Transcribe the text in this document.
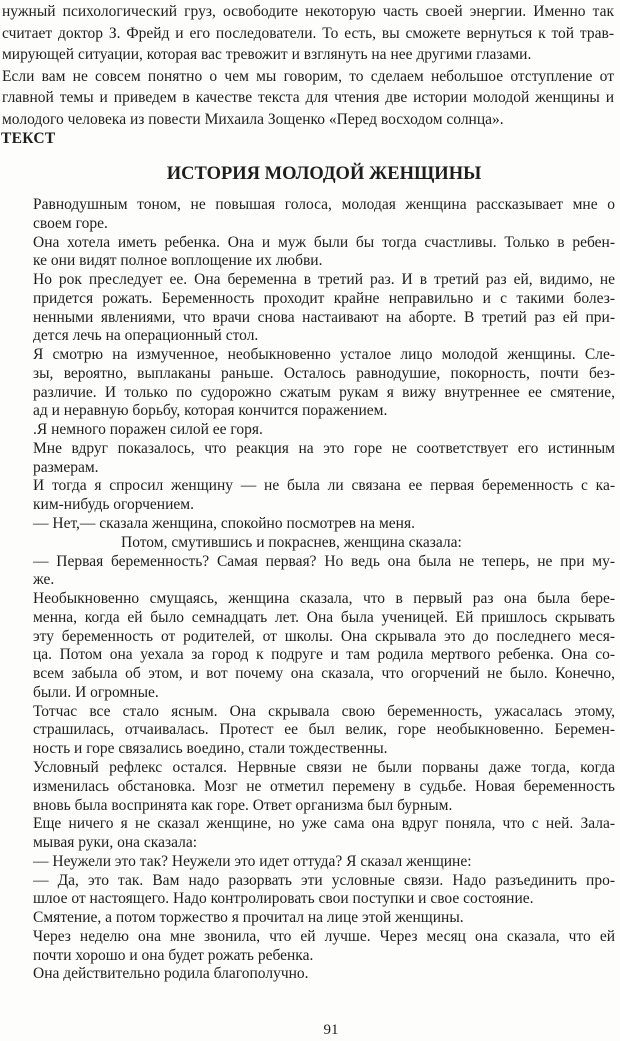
нужный психологический груз, освободите некоторую часть своей энергии. Именно так
считает доктор З. Фрейд и его последователи. То есть, вы сможете вернуться к той трав-
мирующей ситуации, которая вас тревожит и взглянуть на нее другими глазами.
Если вам не совсем понятно о чем мы говорим, то сделаем небольшое отступление от
главной темы и приведем в качестве текста для чтения две истории молодой женщины и
молодого человека из повести Михаила Зощенко «Перед восходом солнца».
ТЕКСТ
ИСТОРИЯ МОЛОДОЙ ЖЕНЩИНЫ
Равнодушным тоном, не повышая голоса, молодая женщина рассказывает мне о
своем горе.
Она хотела иметь ребенка. Она и муж были бы тогда счастливы. Только в ребен-
ке они видят полное воплощение их любви.
Но рок преследует ее. Она беременна в третий раз. И в третий раз ей, видимо, не
придется рожать. Беременность проходит крайне неправильно и с такими болез-
ненными явлениями, что врачи снова настаивают на аборте. В третий раз ей при-
дется лечь на операционный стол.
Я смотрю на измученное, необыкновенно усталое лицо молодой женщины. Сле-
зы, вероятно, выплаканы раньше. Осталось равнодушие, покорность, почти без-
различие. И только по судорожно сжатым рукам я вижу внутреннее ее смятение,
ад и неравную борьбу, которая кончится поражением.
.Я немного поражен силой ее горя.
Мне вдруг показалось, что реакция на это горе не соответствует его истинным
размерам.
И тогда я спросил женщину — не была ли связана ее первая беременность с ка-
ким-нибудь огорчением.
— Нет,— сказала женщина, спокойно посмотрев на меня.
Потом, смутившись и покраснев, женщина сказала:
— Первая беременность? Самая первая? Но ведь она была не теперь, не при му-
же.
Необыкновенно смущаясь, женщина сказала, что в первый раз она была бере-
менна, когда ей было семнадцать лет. Она была ученицей. Ей пришлось скрывать
эту беременность от родителей, от школы. Она скрывала это до последнего меся-
ца. Потом она уехала за город к подруге и там родила мертвого ребенка. Она со-
всем забыла об этом, и вот почему она сказала, что огорчений не было. Конечно,
были. И огромные.
Тотчас все стало ясным. Она скрывала свою беременность, ужасалась этому,
страшилась, отчаивалась. Протест ее был велик, горе необыкновенно. Беремен-
ность и горе связались воедино, стали тождественны.
Условный рефлекс остался. Нервные связи не были порваны даже тогда, когда
изменилась обстановка. Мозг не отметил перемену в судьбе. Новая беременность
вновь была воспринята как горе. Ответ организма был бурным.
Еще ничего я не сказал женщине, но уже сама она вдруг поняла, что с ней. Зала-
мывая руки, она сказала:
— Неужели это так? Неужели это идет оттуда? Я сказал женщине:
— Да, это так. Вам надо разорвать эти условные связи. Надо разъединить про-
шлое от настоящего. Надо контролировать свои поступки и свое состояние.
Смятение, а потом торжество я прочитал на лице этой женщины.
Через неделю она мне звонила, что ей лучше. Через месяц она сказала, что ей
почти хорошо и она будет рожать ребенка.
Она действительно родила благополучно.
91
